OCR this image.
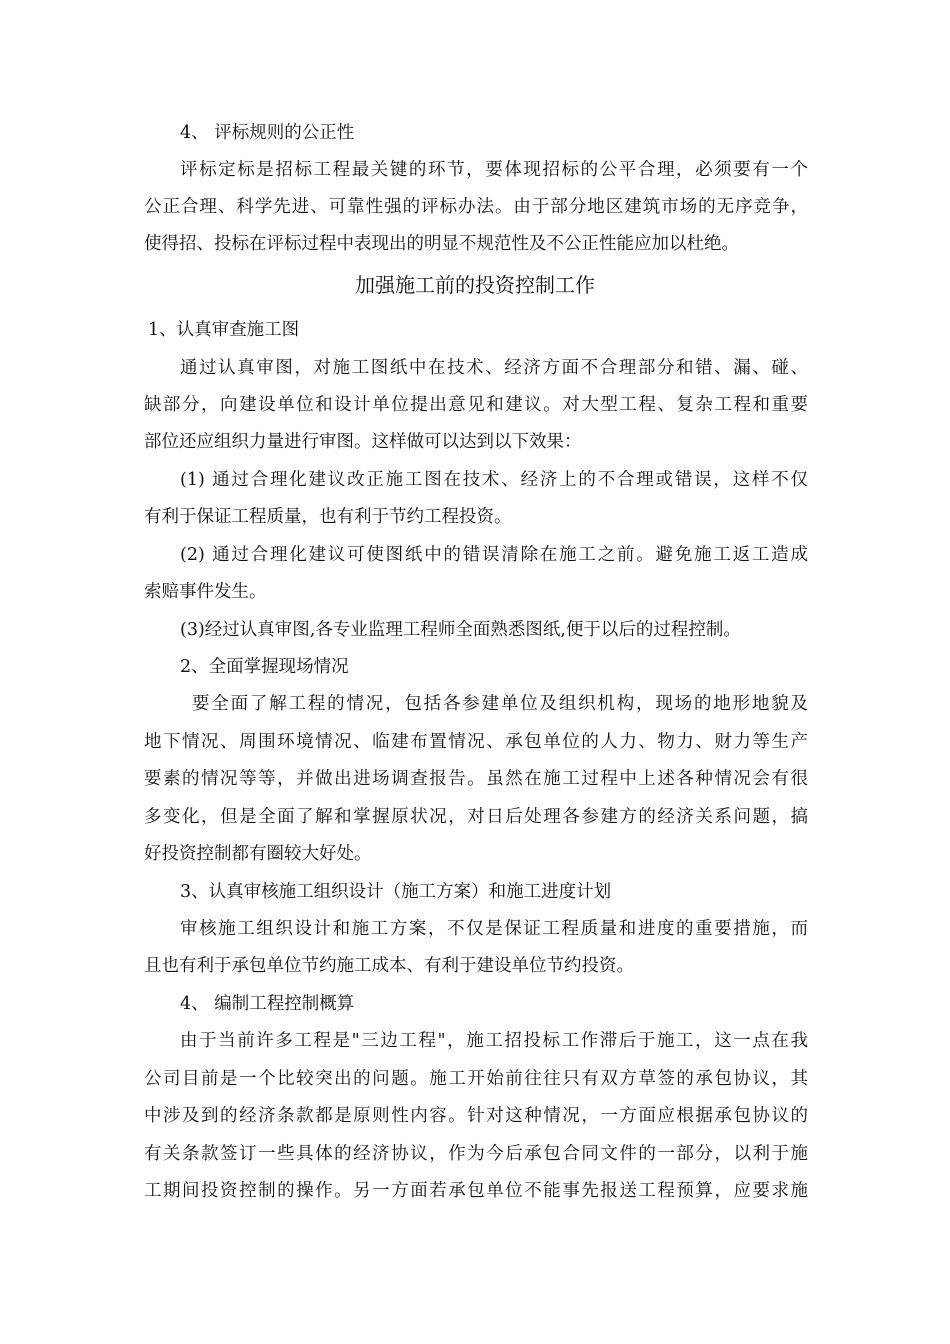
4、 评标规则的公正性
评标定标是招标工程最关键的环节，要体现招标的公平合理，必须要有一个
公正合理、科学先进、可靠性强的评标办法。由于部分地区建筑市场的无序竞争，
使得招、投标在评标过程中表现出的明显不规范性及不公正性能应加以杜绝。
加强施工前的投资控制工作
1、认真审查施工图
通过认真审图，对施工图纸中在技术、经济方面不合理部分和错、漏、碰、
缺部分，向建设单位和设计单位提出意见和建议。对大型工程、复杂工程和重要
部位还应组织力量进行审图。这样做可以达到以下效果：
(1) 通过合理化建议改正施工图在技术、经济上的不合理或错误，这样不仅
有利于保证工程质量，也有利于节约工程投资。
(2) 通过合理化建议可使图纸中的错误清除在施工之前。避免施工返工造成
索赔事件发生。
(3)经过认真审图,各专业监理工程师全面熟悉图纸,便于以后的过程控制。
2、全面掌握现场情况
要全面了解工程的情况，包括各参建单位及组织机构，现场的地形地貌及
地下情况、周围环境情况、临建布置情况、承包单位的人力、物力、财力等生产
要素的情况等等，并做出进场调查报告。虽然在施工过程中上述各种情况会有很
多变化，但是全面了解和掌握原状况，对日后处理各参建方的经济关系问题，搞
好投资控制都有圈较大好处。
3、认真审核施工组织设计（施工方案）和施工进度计划
审核施工组织设计和施工方案，不仅是保证工程质量和进度的重要措施，而
且也有利于承包单位节约施工成本、有利于建设单位节约投资。
4、 编制工程控制概算
由于当前许多工程是"三边工程"，施工招投标工作滞后于施工，这一点在我
公司目前是一个比较突出的问题。施工开始前往往只有双方草签的承包协议，其
中涉及到的经济条款都是原则性内容。针对这种情况，一方面应根据承包协议的
有关条款签订一些具体的经济协议，作为今后承包合同文件的一部分，以利于施
工期间投资控制的操作。另一方面若承包单位不能事先报送工程预算，应要求施
